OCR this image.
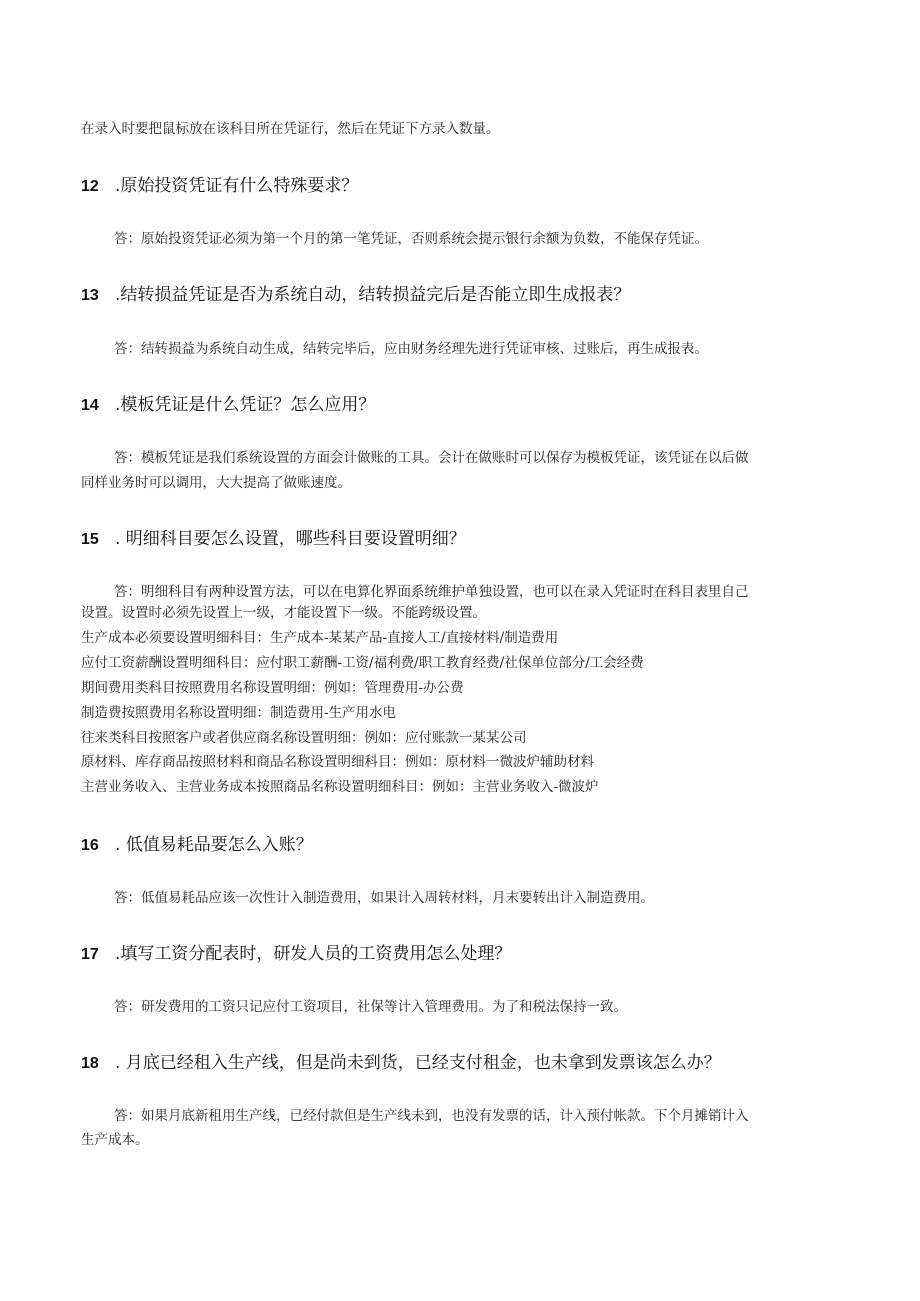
在录入时要把鼠标放在该科目所在凭证行，然后在凭证下方录入数量。
12 .原始投资凭证有什么特殊要求？
答：原始投资凭证必须为第一个月的第一笔凭证，否则系统会提示银行余额为负数，不能保存凭证。
13 .结转损益凭证是否为系统自动，结转损益完后是否能立即生成报表？
答：结转损益为系统自动生成，结转完毕后，应由财务经理先进行凭证审核、过账后，再生成报表。
14 .模板凭证是什么凭证？怎么应用？
答：模板凭证是我们系统设置的方面会计做账的工具。会计在做账时可以保存为模板凭证，该凭证在以后做
同样业务时可以调用，大大提高了做账速度。
15 . 明细科目要怎么设置，哪些科目要设置明细？
答：明细科目有两种设置方法，可以在电算化界面系统维护单独设置，也可以在录入凭证时在科目表里自己
设置。设置时必须先设置上一级，才能设置下一级。不能跨级设置。
生产成本必须要设置明细科目：生产成本-某某产品-直接人工/直接材料/制造费用
应付工资薪酬设置明细科目：应付职工薪酬-工资/福利费/职工教育经费/社保单位部分/工会经费
期间费用类科目按照费用名称设置明细：例如：管理费用-办公费
制造费按照费用名称设置明细：制造费用-生产用水电
往来类科目按照客户或者供应商名称设置明细：例如：应付账款一某某公司
原材料、库存商品按照材料和商品名称设置明细科目：例如：原材料一微波炉辅助材料
主营业务收入、主营业务成本按照商品名称设置明细科目：例如：主营业务收入-微波炉
16 . 低值易耗品要怎么入账？
答：低值易耗品应该一次性计入制造费用，如果计入周转材料，月末要转出计入制造费用。
17 .填写工资分配表时，研发人员的工资费用怎么处理？
答：研发费用的工资只记应付工资项目，社保等计入管理费用。为了和税法保持一致。
18 . 月底已经租入生产线，但是尚未到货，已经支付租金，也未拿到发票该怎么办？
答：如果月底新租用生产线，已经付款但是生产线未到，也没有发票的话，计入预付帐款。下个月摊销计入
生产成本。
